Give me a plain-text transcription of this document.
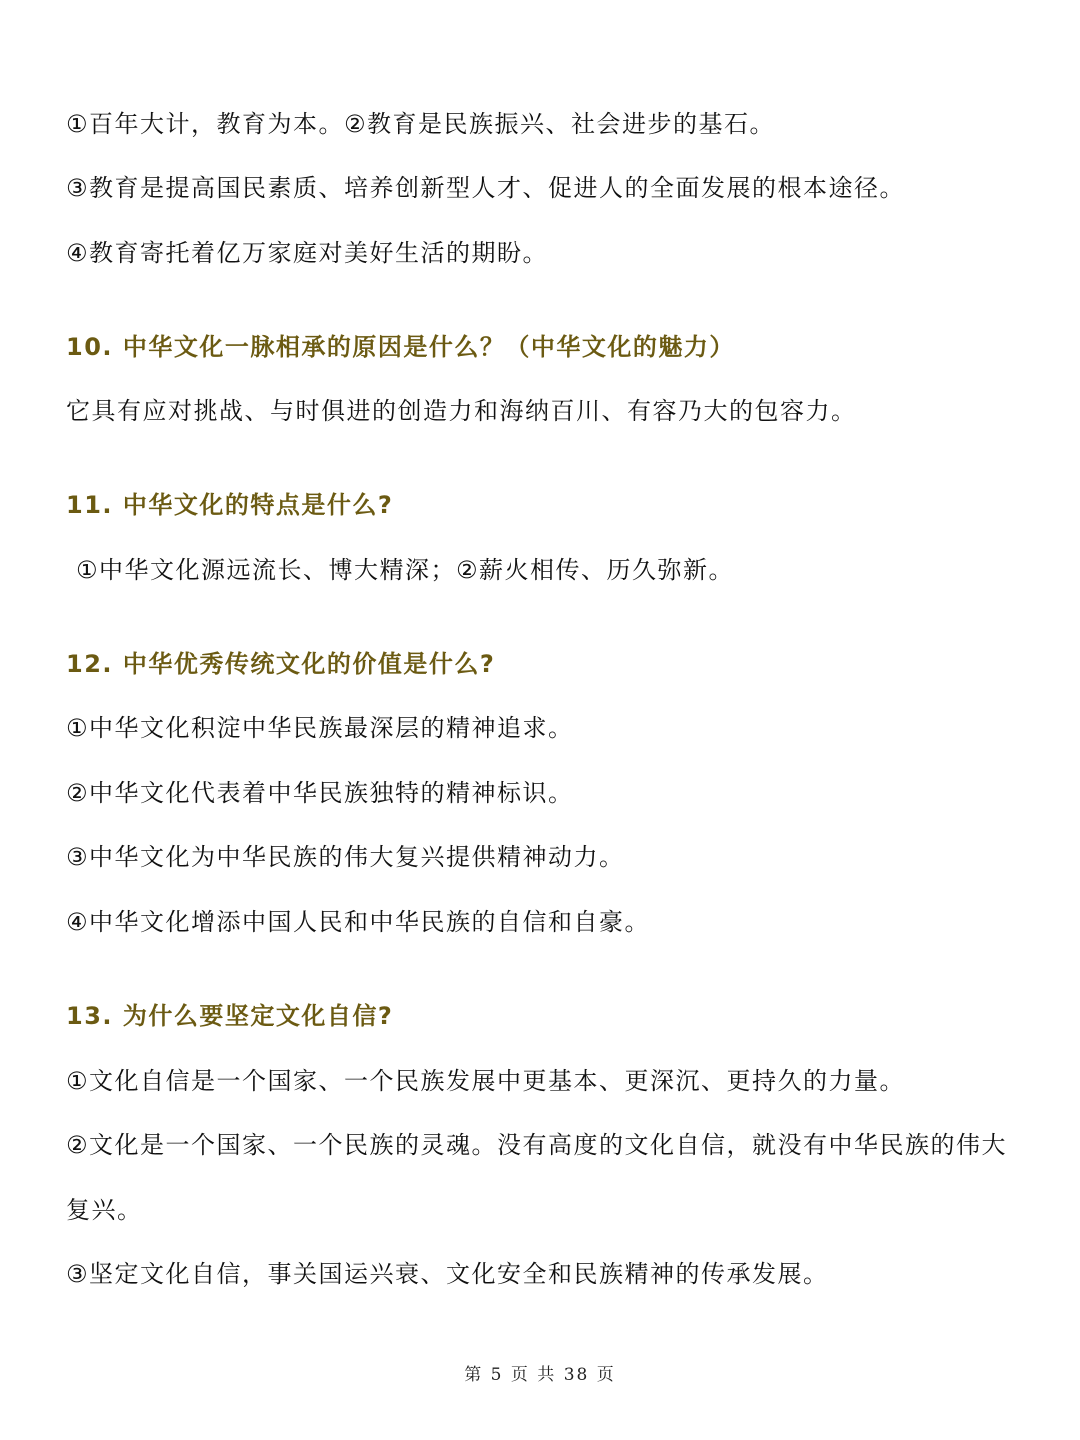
①百年大计，教育为本。②教育是民族振兴、社会进步的基石。
③教育是提高国民素质、培养创新型人才、促进人的全面发展的根本途径。
④教育寄托着亿万家庭对美好生活的期盼。
10. 中华文化一脉相承的原因是什么？（中华文化的魅力）
它具有应对挑战、与时俱进的创造力和海纳百川、有容乃大的包容力。
11. 中华文化的特点是什么?
①中华文化源远流长、博大精深；②薪火相传、历久弥新。
12. 中华优秀传统文化的价值是什么?
①中华文化积淀中华民族最深层的精神追求。
②中华文化代表着中华民族独特的精神标识。
③中华文化为中华民族的伟大复兴提供精神动力。
④中华文化增添中国人民和中华民族的自信和自豪。
13. 为什么要坚定文化自信?
①文化自信是一个国家、一个民族发展中更基本、更深沉、更持久的力量。
②文化是一个国家、一个民族的灵魂。没有高度的文化自信，就没有中华民族的伟大
复兴。
③坚定文化自信，事关国运兴衰、文化安全和民族精神的传承发展。
第 5 页 共 38 页
